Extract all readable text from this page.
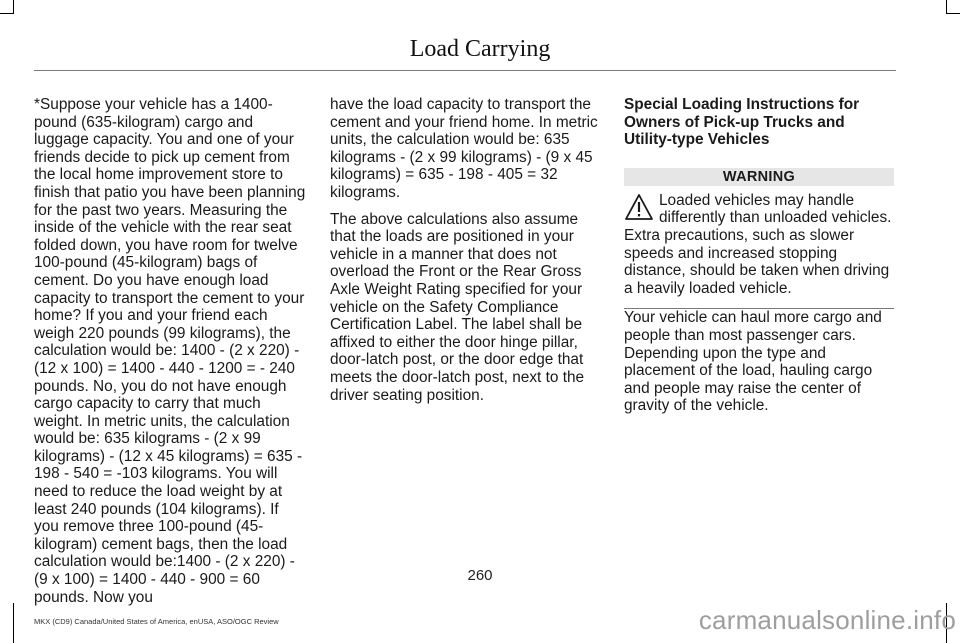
Load Carrying

*Suppose your vehicle has a 1400-pound (635-kilogram) cargo and luggage capacity. You and one of your friends decide to pick up cement from the local home improvement store to finish that patio you have been planning for the past two years. Measuring the inside of the vehicle with the rear seat folded down, you have room for twelve 100-pound (45-kilogram) bags of cement. Do you have enough load capacity to transport the cement to your home? If you and your friend each weigh 220 pounds (99 kilograms), the calculation would be: 1400 - (2 x 220) - (12 x 100) = 1400 - 440 - 1200 = - 240 pounds. No, you do not have enough cargo capacity to carry that much weight. In metric units, the calculation would be: 635 kilograms - (2 x 99 kilograms) - (12 x 45 kilograms) = 635 - 198 - 540 = -103 kilograms. You will need to reduce the load weight by at least 240 pounds (104 kilograms). If you remove three 100-pound (45-kilogram) cement bags, then the load calculation would be:1400 - (2 x 220) - (9 x 100) = 1400 - 440 - 900 = 60 pounds. Now you

have the load capacity to transport the cement and your friend home. In metric units, the calculation would be: 635 kilograms - (2 x 99 kilograms) - (9 x 45 kilograms) = 635 - 198 - 405 = 32 kilograms.

The above calculations also assume that the loads are positioned in your vehicle in a manner that does not overload the Front or the Rear Gross Axle Weight Rating specified for your vehicle on the Safety Compliance Certification Label. The label shall be affixed to either the door hinge pillar, door-latch post, or the door edge that meets the door-latch post, next to the driver seating position.

Special Loading Instructions for Owners of Pick-up Trucks and Utility-type Vehicles

WARNING
Loaded vehicles may handle differently than unloaded vehicles.
Extra precautions, such as slower speeds and increased stopping distance, should be taken when driving a heavily loaded vehicle.

Your vehicle can haul more cargo and people than most passenger cars. Depending upon the type and placement of the load, hauling cargo and people may raise the center of gravity of the vehicle.

260
MKX (CD9) Canada/United States of America, enUSA, ASO/OGC Review	carmanualsonline.info
